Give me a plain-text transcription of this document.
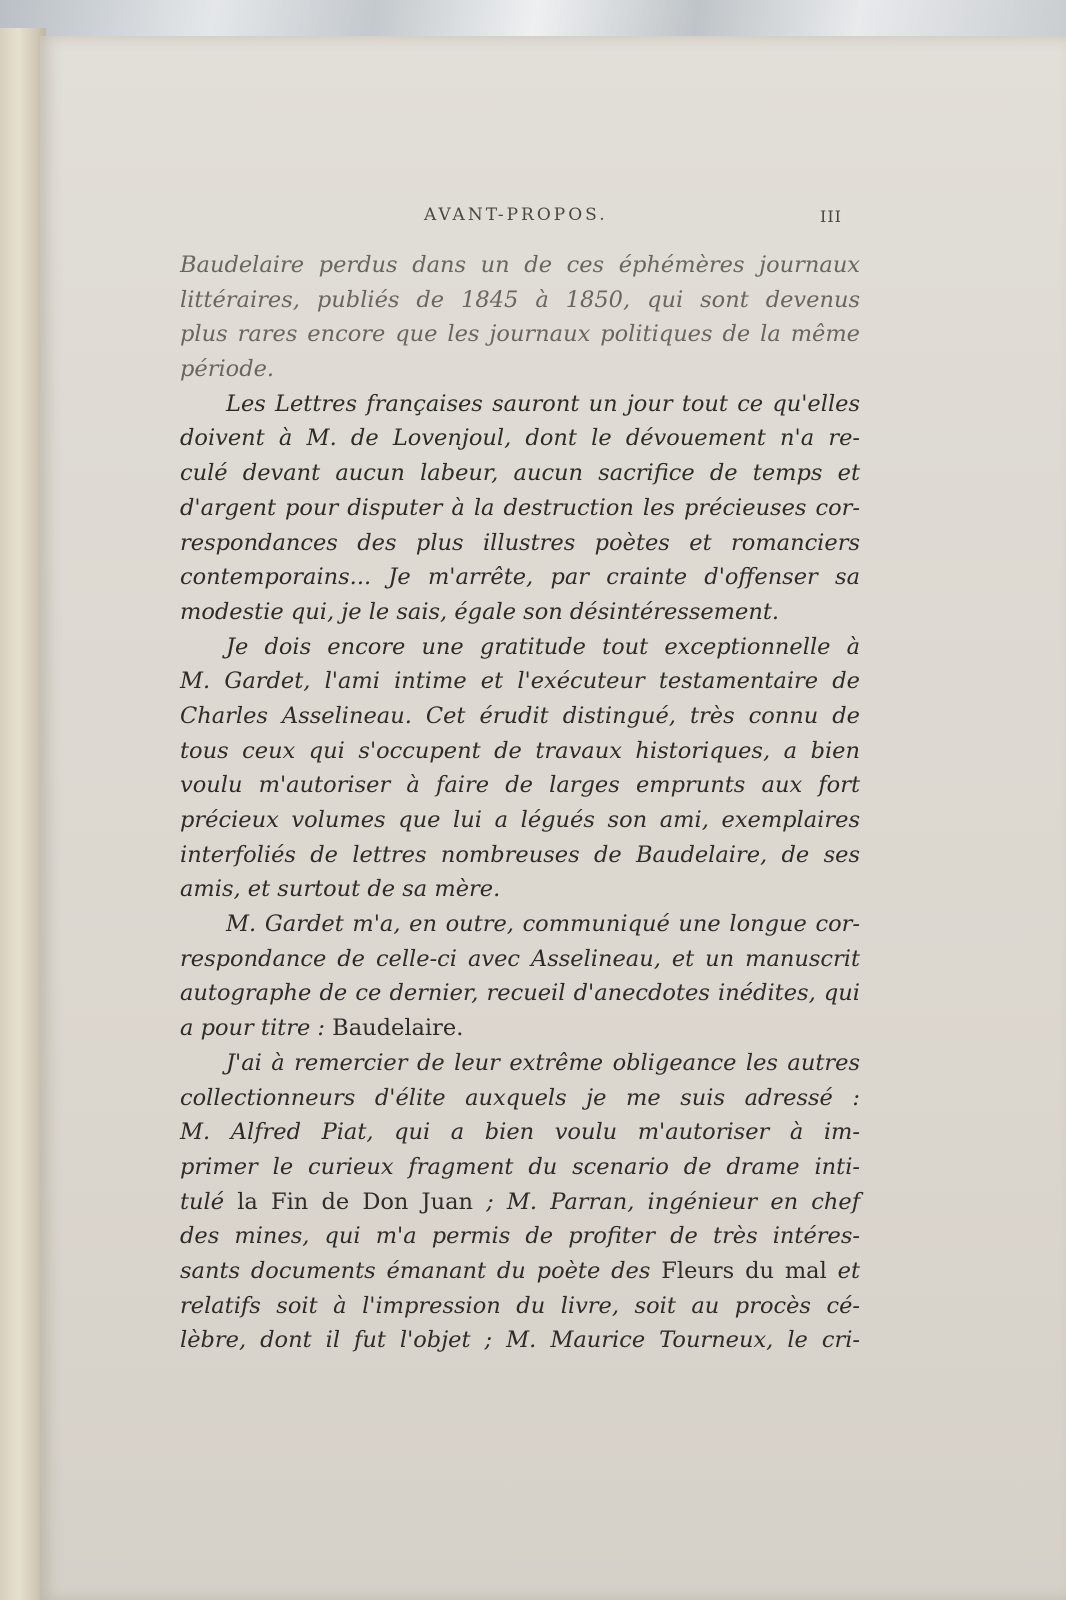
AVANT-PROPOS.	III
Baudelaire perdus dans un de ces éphémères journaux
littéraires, publiés de 1845 à 1850, qui sont devenus
plus rares encore que les journaux politiques de la même
période.
Les Lettres françaises sauront un jour tout ce qu'elles
doivent à M. de Lovenjoul, dont le dévouement n'a re-
culé devant aucun labeur, aucun sacrifice de temps et
d'argent pour disputer à la destruction les précieuses cor-
respondances des plus illustres poètes et romanciers
contemporains... Je m'arrête, par crainte d'offenser sa
modestie qui, je le sais, égale son désintéressement.
Je dois encore une gratitude tout exceptionnelle à
M. Gardet, l'ami intime et l'exécuteur testamentaire de
Charles Asselineau. Cet érudit distingué, très connu de
tous ceux qui s'occupent de travaux historiques, a bien
voulu m'autoriser à faire de larges emprunts aux fort
précieux volumes que lui a légués son ami, exemplaires
interfoliés de lettres nombreuses de Baudelaire, de ses
amis, et surtout de sa mère.
M. Gardet m'a, en outre, communiqué une longue cor-
respondance de celle-ci avec Asselineau, et un manuscrit
autographe de ce dernier, recueil d'anecdotes inédites, qui
a pour titre : Baudelaire.
J'ai à remercier de leur extrême obligeance les autres
collectionneurs d'élite auxquels je me suis adressé :
M. Alfred Piat, qui a bien voulu m'autoriser à im-
primer le curieux fragment du scenario de drame inti-
tulé la Fin de Don Juan ; M. Parran, ingénieur en chef
des mines, qui m'a permis de profiter de très intéres-
sants documents émanant du poète des Fleurs du mal et
relatifs soit à l'impression du livre, soit au procès cé-
lèbre, dont il fut l'objet ; M. Maurice Tourneux, le cri-
